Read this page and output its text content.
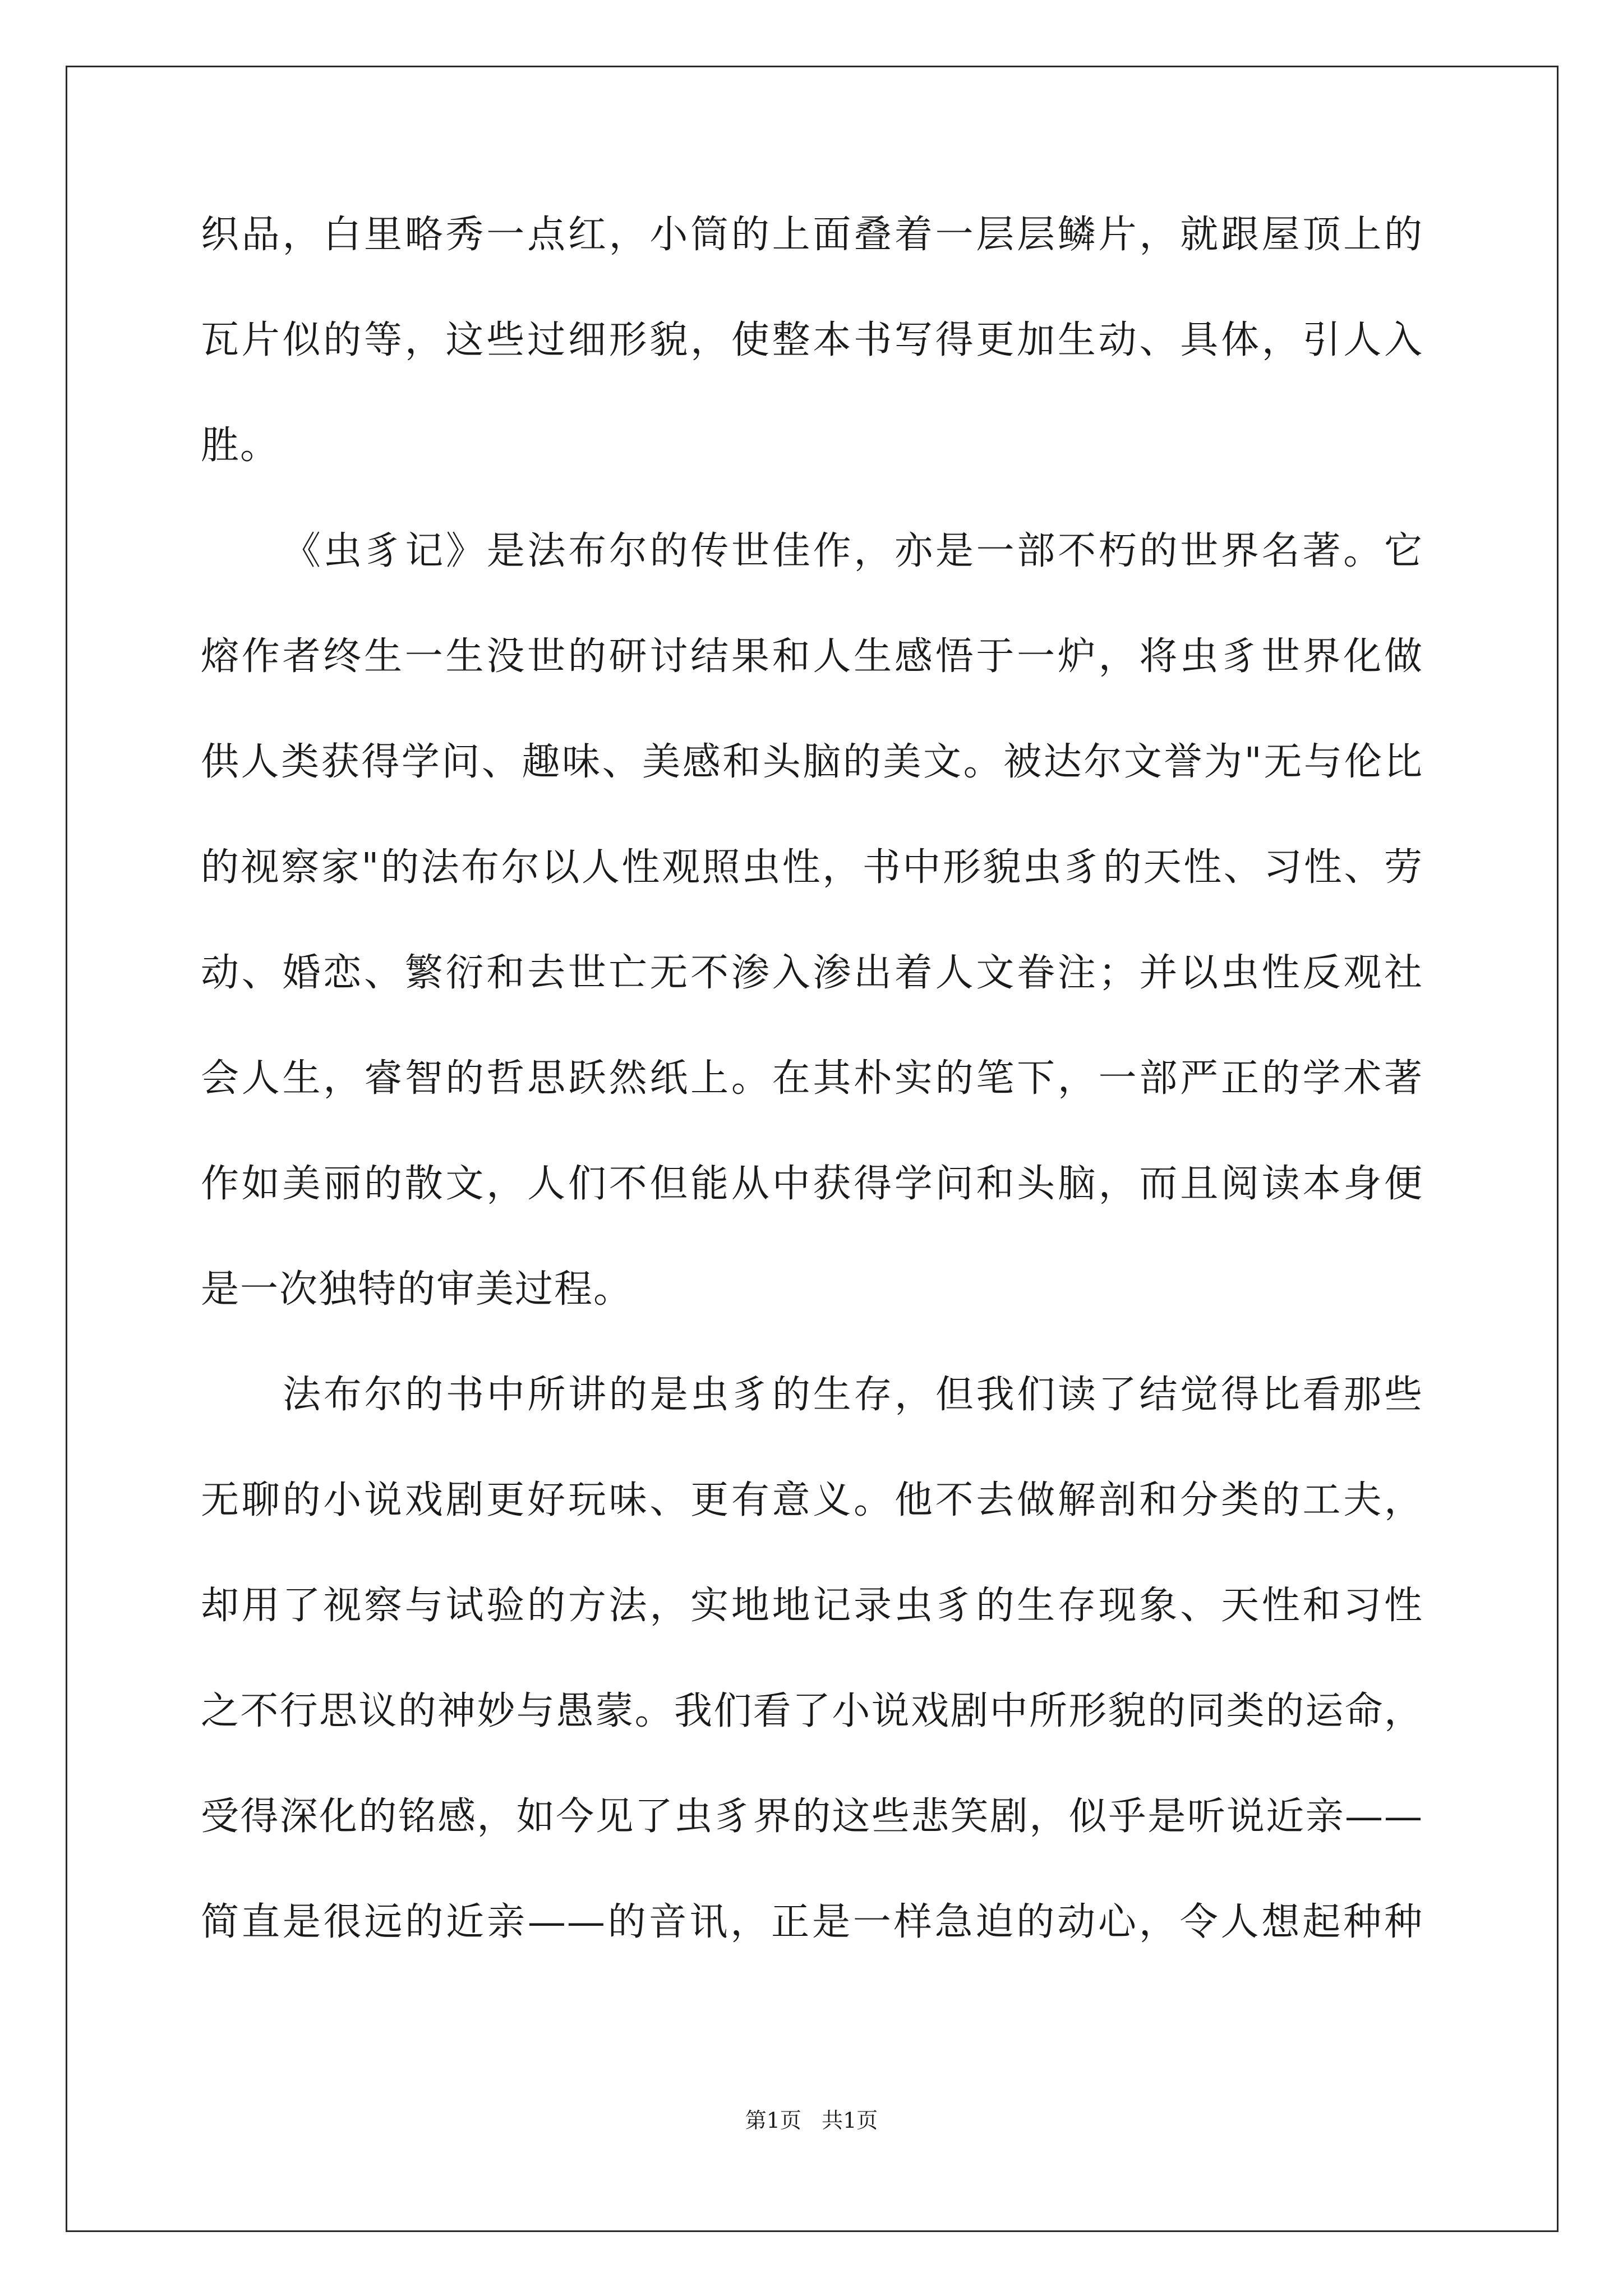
织品，白里略秀一点红，小筒的上面叠着一层层鳞片，就跟屋顶上的
瓦片似的等，这些过细形貌，使整本书写得更加生动、具体，引人入
胜。
《虫豸记》是法布尔的传世佳作，亦是一部不朽的世界名著。它
熔作者终生一生没世的研讨结果和人生感悟于一炉，将虫豸世界化做
供人类获得学问、趣味、美感和头脑的美文。被达尔文誉为"无与伦比
的视察家"的法布尔以人性观照虫性，书中形貌虫豸的天性、习性、劳
动、婚恋、繁衍和去世亡无不渗入渗出着人文眷注；并以虫性反观社
会人生，睿智的哲思跃然纸上。在其朴实的笔下，一部严正的学术著
作如美丽的散文，人们不但能从中获得学问和头脑，而且阅读本身便
是一次独特的审美过程。
法布尔的书中所讲的是虫豸的生存，但我们读了结觉得比看那些
无聊的小说戏剧更好玩味、更有意义。他不去做解剖和分类的工夫，
却用了视察与试验的方法，实地地记录虫豸的生存现象、天性和习性
之不行思议的神妙与愚蒙。我们看了小说戏剧中所形貌的同类的运命，
受得深化的铭感，如今见了虫豸界的这些悲笑剧，似乎是听说近亲——
简直是很远的近亲——的音讯，正是一样急迫的动心，令人想起种种
第1页   共1页
